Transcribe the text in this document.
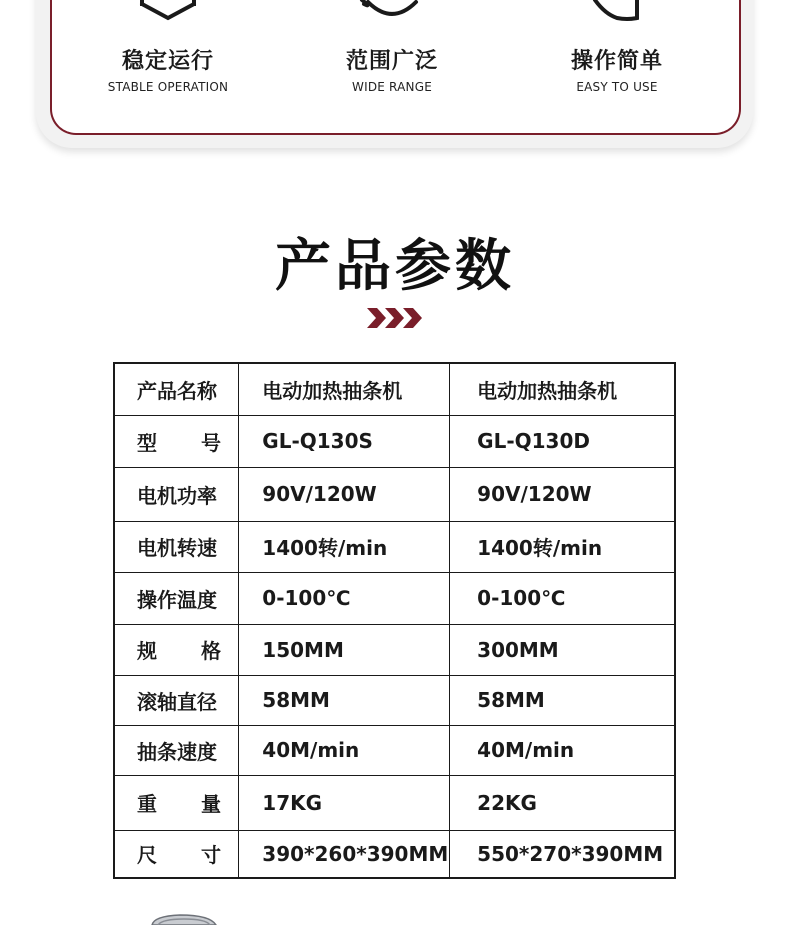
稳定运行
STABLE OPERATION
范围广泛
WIDE RANGE
操作简单
EASY TO USE
产品参数
产品名称	电动加热抽条机	电动加热抽条机

型 号	GL-Q130S	GL-Q130D

电机功率	90V/120W	90V/120W

电机转速	1400转/min	1400转/min

操作温度	0-100℃	0-100℃

规 格	150MM	300MM

滚轴直径	58MM	58MM

抽条速度	40M/min	40M/min

重 量	17KG	22KG

尺 寸	390*260*390MM	550*270*390MM
